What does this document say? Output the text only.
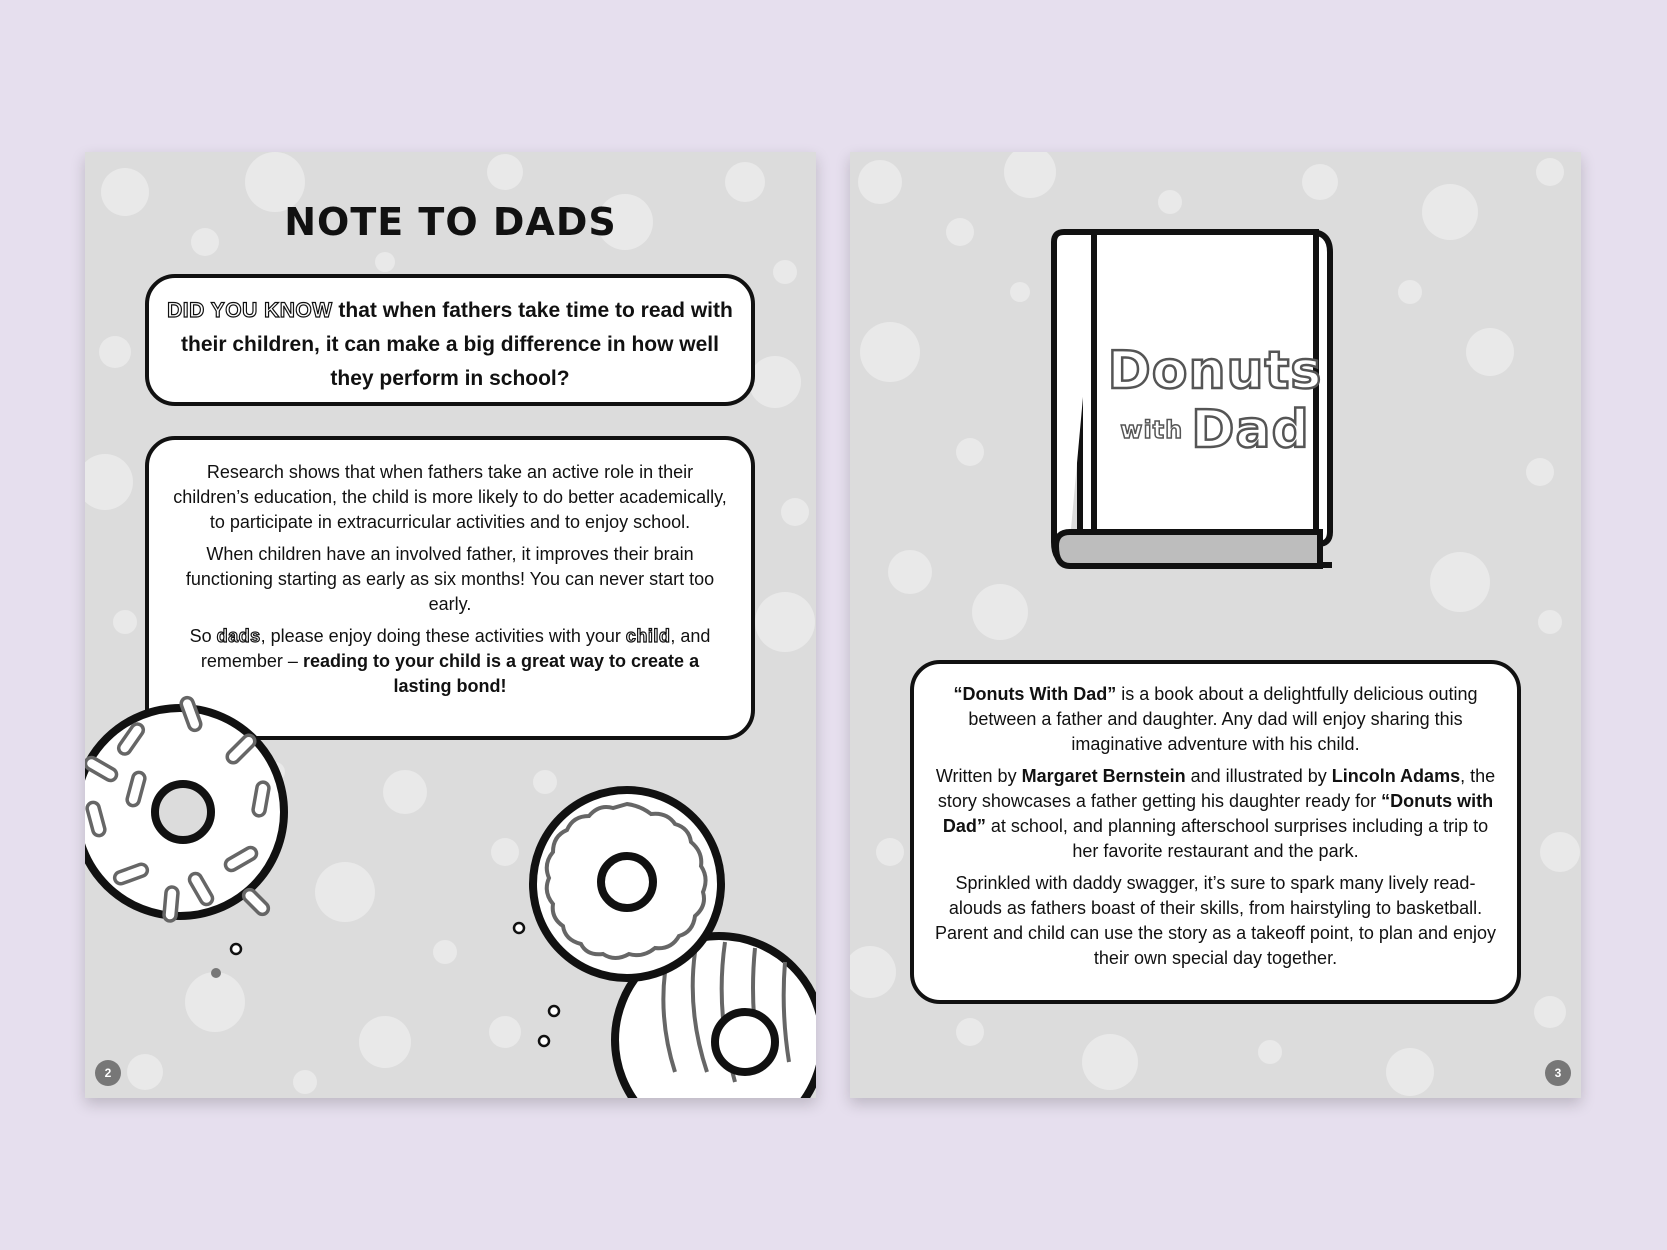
NOTE TO DADS
DID YOU KNOW that when fathers take time to read with their children, it can make a big difference in how well they perform in school?

Research shows that when fathers take an active role in their children’s education, the child is more likely to do better academically, to participate in extracurricular activities and to enjoy school.

When children have an involved father, it improves their brain functioning starting as early as six months! You can never start too early.

So dads, please enjoy doing these activities with your child, and remember – reading to your child is a great way to create a lasting bond!

2
Donuts
with Dad

“Donuts With Dad” is a book about a delightfully delicious outing between a father and daughter. Any dad will enjoy sharing this imaginative adventure with his child.

Written by Margaret Bernstein and illustrated by Lincoln Adams, the story showcases a father getting his daughter ready for “Donuts with Dad” at school, and planning afterschool surprises including a trip to her favorite restaurant and the park.

Sprinkled with daddy swagger, it’s sure to spark many lively read-alouds as fathers boast of their skills, from hairstyling to basketball. Parent and child can use the story as a takeoff point, to plan and enjoy their own special day together.

3
